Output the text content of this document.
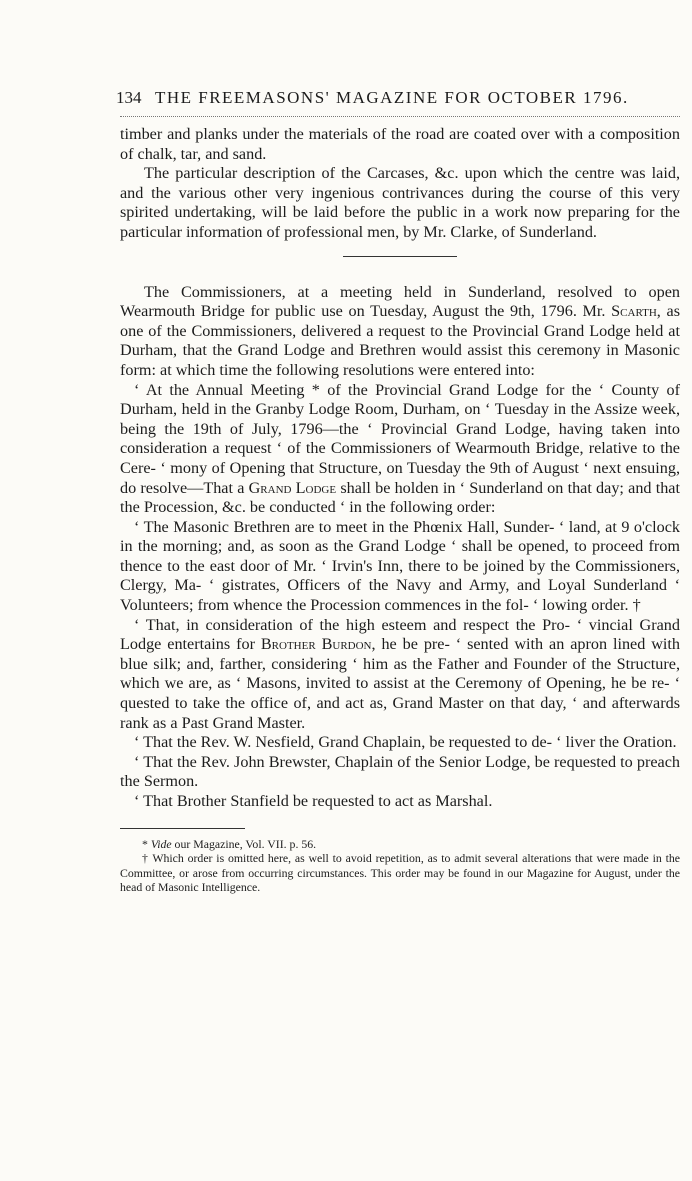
134 THE FREEMASONS' MAGAZINE FOR OCTOBER 1796.

timber and planks under the materials of the road are coated over with a composition of chalk, tar, and sand.

The particular description of the Carcases, &c. upon which the centre was laid, and the various other very ingenious contrivances during the course of this very spirited undertaking, will be laid before the public in a work now preparing for the particular information of professional men, by Mr. Clarke, of Sunderland.

The Commissioners, at a meeting held in Sunderland, resolved to open Wearmouth Bridge for public use on Tuesday, August the 9th, 1796. Mr. Scarth, as one of the Commissioners, delivered a request to the Provincial Grand Lodge held at Durham, that the Grand Lodge and Brethren would assist this ceremony in Masonic form: at which time the following resolutions were entered into:

‘ At the Annual Meeting * of the Provincial Grand Lodge for the ‘ County of Durham, held in the Granby Lodge Room, Durham, on ‘ Tuesday in the Assize week, being the 19th of July, 1796—the ‘ Provincial Grand Lodge, having taken into consideration a request ‘ of the Commissioners of Wearmouth Bridge, relative to the Cere- ‘ mony of Opening that Structure, on Tuesday the 9th of August ‘ next ensuing, do resolve—That a Grand Lodge shall be holden in ‘ Sunderland on that day; and that the Procession, &c. be conducted ‘ in the following order:

‘ The Masonic Brethren are to meet in the Phœnix Hall, Sunder- ‘ land, at 9 o'clock in the morning; and, as soon as the Grand Lodge ‘ shall be opened, to proceed from thence to the east door of Mr. ‘ Irvin's Inn, there to be joined by the Commissioners, Clergy, Ma- ‘ gistrates, Officers of the Navy and Army, and Loyal Sunderland ‘ Volunteers; from whence the Procession commences in the fol- ‘ lowing order. †

‘ That, in consideration of the high esteem and respect the Pro- ‘ vincial Grand Lodge entertains for Brother Burdon, he be pre- ‘ sented with an apron lined with blue silk; and, farther, considering ‘ him as the Father and Founder of the Structure, which we are, as ‘ Masons, invited to assist at the Ceremony of Opening, he be re- ‘ quested to take the office of, and act as, Grand Master on that day, ‘ and afterwards rank as a Past Grand Master.

‘ That the Rev. W. Nesfield, Grand Chaplain, be requested to de- ‘ liver the Oration.

‘ That the Rev. John Brewster, Chaplain of the Senior Lodge, be requested to preach the Sermon.

‘ That Brother Stanfield be requested to act as Marshal.

* Vide our Magazine, Vol. VII. p. 56.

† Which order is omitted here, as well to avoid repetition, as to admit several alterations that were made in the Committee, or arose from occurring circumstances. This order may be found in our Magazine for August, under the head of Masonic Intelligence.
